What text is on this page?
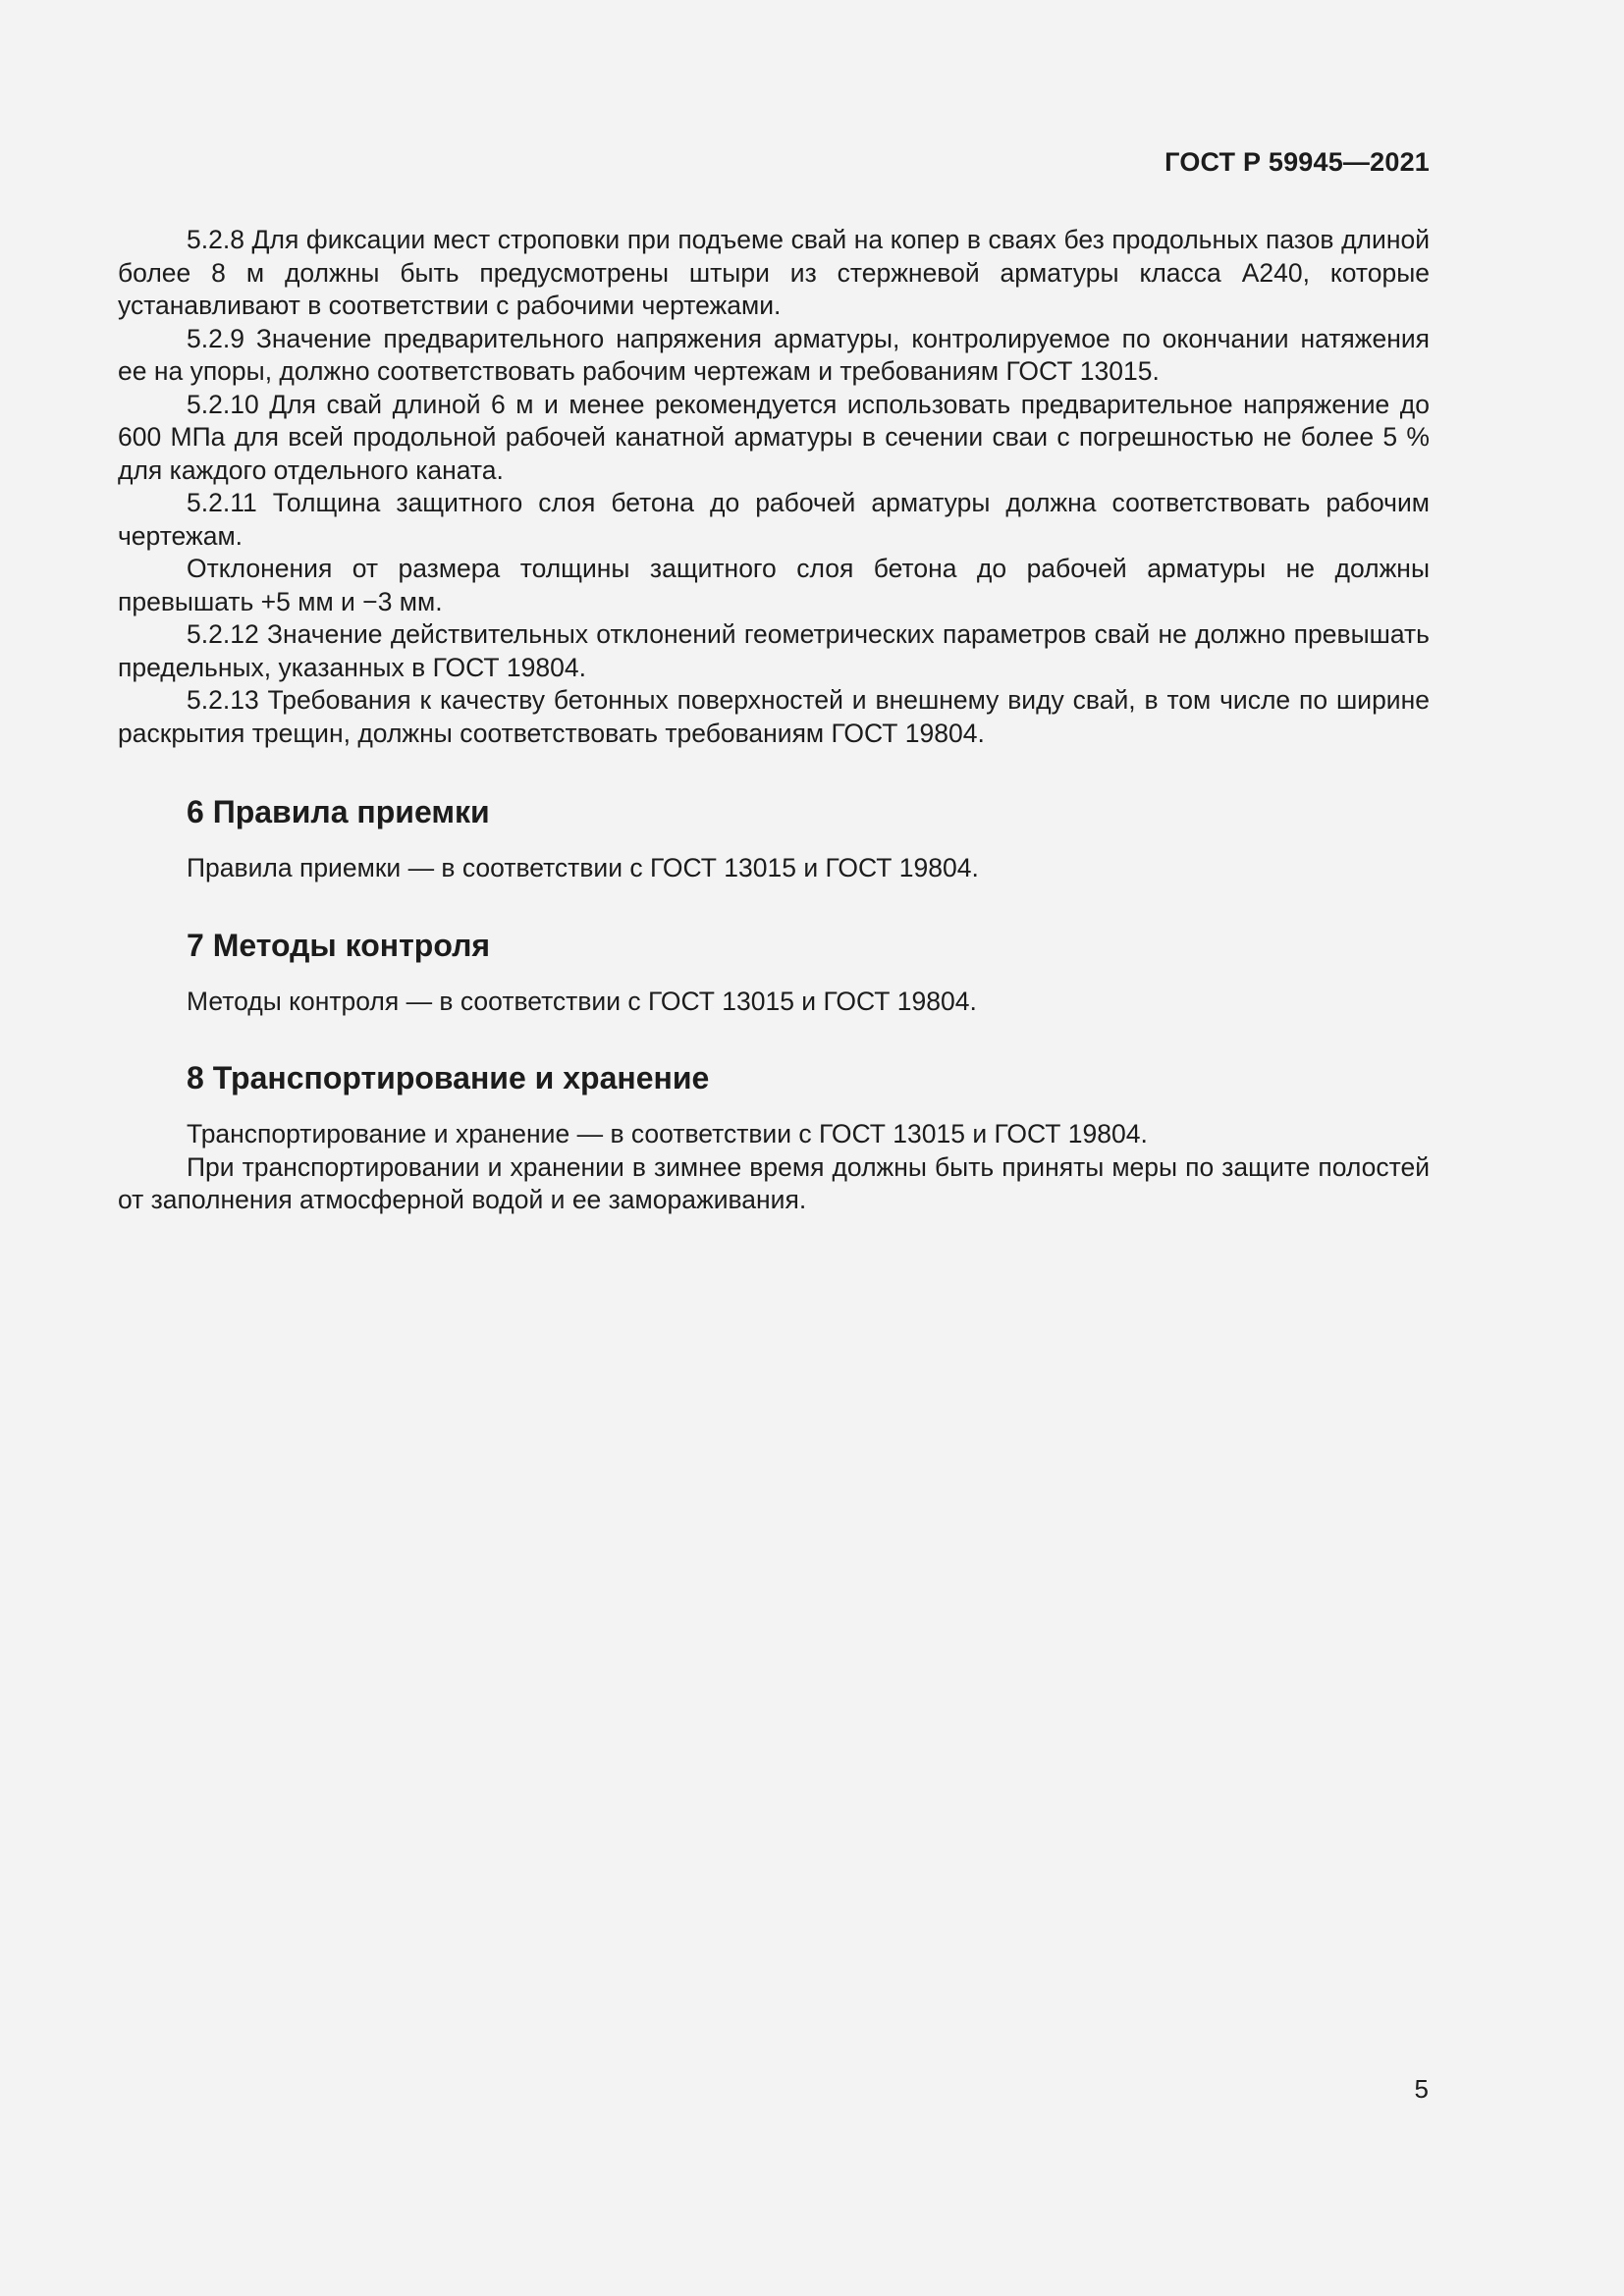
ГОСТ Р 59945—2021

5.2.8 Для фиксации мест строповки при подъеме свай на копер в сваях без продольных пазов длиной более 8 м должны быть предусмотрены штыри из стержневой арматуры класса А240, которые устанавливают в соответствии с рабочими чертежами.

5.2.9 Значение предварительного напряжения арматуры, контролируемое по окончании натяжения ее на упоры, должно соответствовать рабочим чертежам и требованиям ГОСТ 13015.

5.2.10 Для свай длиной 6 м и менее рекомендуется использовать предварительное напряжение до 600 МПа для всей продольной рабочей канатной арматуры в сечении сваи с погрешностью не более 5 % для каждого отдельного каната.

5.2.11 Толщина защитного слоя бетона до рабочей арматуры должна соответствовать рабочим чертежам.

Отклонения от размера толщины защитного слоя бетона до рабочей арматуры не должны превышать +5 мм и −3 мм.

5.2.12 Значение действительных отклонений геометрических параметров свай не должно превышать предельных, указанных в ГОСТ 19804.

5.2.13 Требования к качеству бетонных поверхностей и внешнему виду свай, в том числе по ширине раскрытия трещин, должны соответствовать требованиям ГОСТ 19804.

6 Правила приемки

Правила приемки — в соответствии с ГОСТ 13015 и ГОСТ 19804.

7 Методы контроля

Методы контроля — в соответствии с ГОСТ 13015 и ГОСТ 19804.

8 Транспортирование и хранение

Транспортирование и хранение — в соответствии с ГОСТ 13015 и ГОСТ 19804.

При транспортировании и хранении в зимнее время должны быть приняты меры по защите полостей от заполнения атмосферной водой и ее замораживания.

5
